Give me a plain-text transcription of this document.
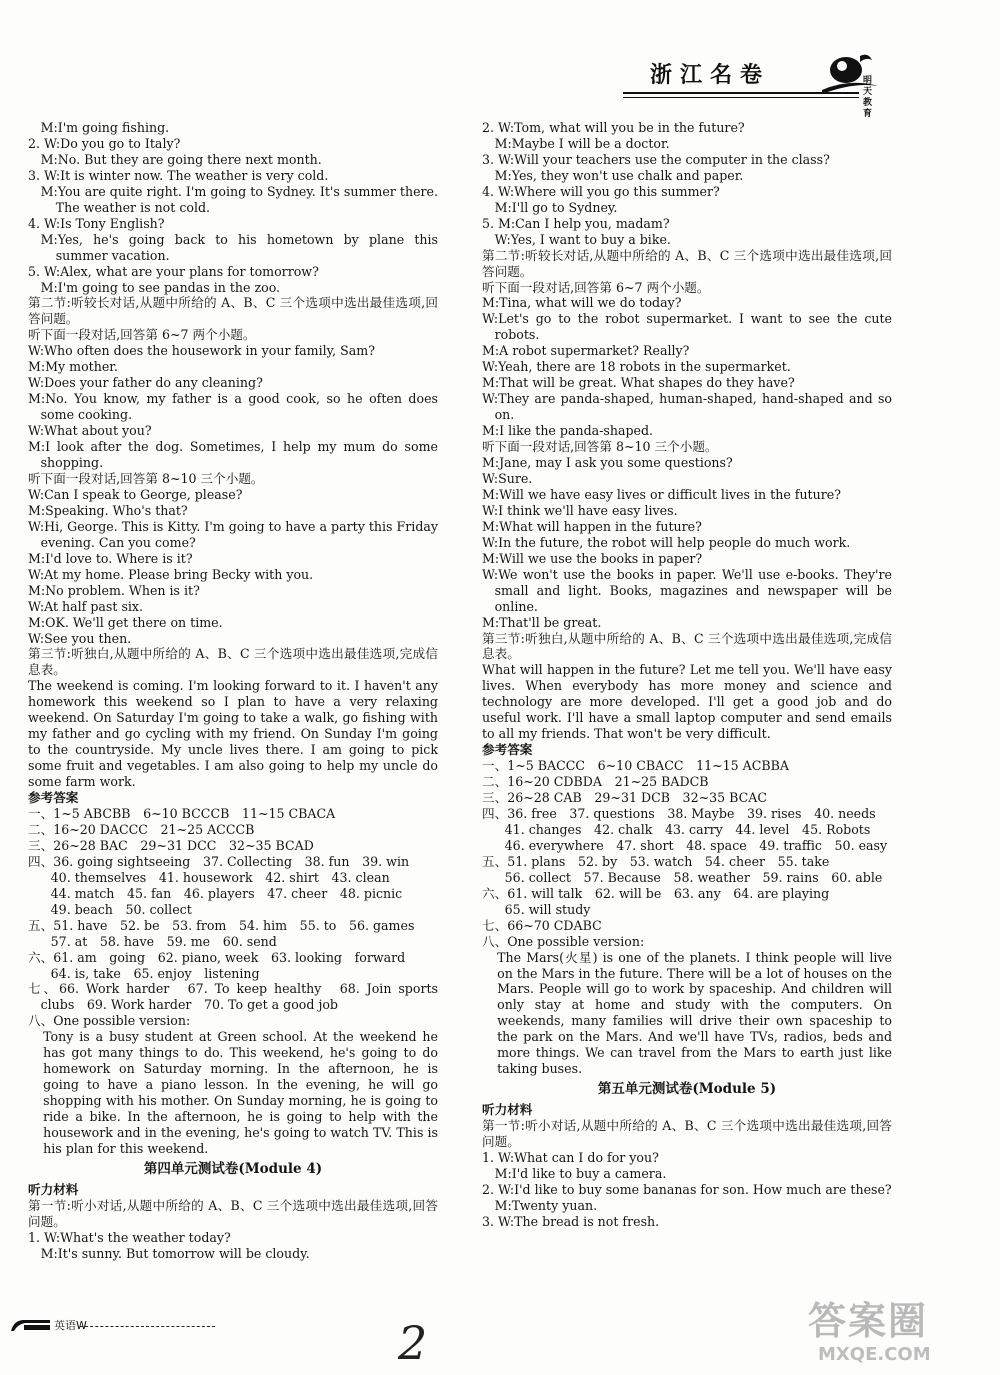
浙江名卷	明天教育

M:I'm going fishing.

2. W:Do you go to Italy?

M:No. But they are going there next month.

3. W:It is winter now. The weather is very cold.

M:You are quite right. I'm going to Sydney. It's summer there. The weather is not cold.

4. W:Is Tony English?

M:Yes, he's going back to his hometown by plane this summer vacation.

5. W:Alex, what are your plans for tomorrow?

M:I'm going to see pandas in the zoo.

第二节:听较长对话,从题中所给的 A、B、C 三个选项中选出最佳选项,回答问题。

听下面一段对话,回答第 6~7 两个小题。

W:Who often does the housework in your family, Sam?

M:My mother.

W:Does your father do any cleaning?

M:No. You know, my father is a good cook, so he often does some cooking.

W:What about you?

M:I look after the dog. Sometimes, I help my mum do some shopping.

听下面一段对话,回答第 8~10 三个小题。

W:Can I speak to George, please?

M:Speaking. Who's that?

W:Hi, George. This is Kitty. I'm going to have a party this Friday evening. Can you come?

M:I'd love to. Where is it?

W:At my home. Please bring Becky with you.

M:No problem. When is it?

W:At half past six.

M:OK. We'll get there on time.

W:See you then.

第三节:听独白,从题中所给的 A、B、C 三个选项中选出最佳选项,完成信息表。

The weekend is coming. I'm looking forward to it. I haven't any homework this weekend so I plan to have a very relaxing weekend. On Saturday I'm going to take a walk, go fishing with my father and go cycling with my friend. On Sunday I'm going to the countryside. My uncle lives there. I am going to pick some fruit and vegetables. I am also going to help my uncle do some farm work.

参考答案

一、1~5 ABCBB　6~10 BCCCB　11~15 CBACA

二、16~20 DACCC　21~25 ACCCB

三、26~28 BAC　29~31 DCC　32~35 BCAD

四、36. going sightseeing　37. Collecting　38. fun　39. win

40. themselves　41. housework　42. shirt　43. clean

44. match　45. fan　46. players　47. cheer　48. picnic

49. beach　50. collect

五、51. have　52. be　53. from　54. him　55. to　56. games

57. at　58. have　59. me　60. send

六、61. am　going　62. piano, week　63. looking　forward

64. is, take　65. enjoy　listening

七、66. Work harder　67. To keep healthy　68. Join sports clubs　69. Work harder　70. To get a good job

八、One possible version:

Tony is a busy student at Green school. At the weekend he has got many things to do. This weekend, he's going to do homework on Saturday morning. In the afternoon, he is going to have a piano lesson. In the evening, he will go shopping with his mother. On Sunday morning, he is going to ride a bike. In the afternoon, he is going to help with the housework and in the evening, he's going to watch TV. This is his plan for this weekend.

第四单元测试卷(Module 4)

听力材料

第一节:听小对话,从题中所给的 A、B、C 三个选项中选出最佳选项,回答问题。

1. W:What's the weather today?

M:It's sunny. But tomorrow will be cloudy.

2. W:Tom, what will you be in the future?

M:Maybe I will be a doctor.

3. W:Will your teachers use the computer in the class?

M:Yes, they won't use chalk and paper.

4. W:Where will you go this summer?

M:I'll go to Sydney.

5. M:Can I help you, madam?

W:Yes, I want to buy a bike.

第二节:听较长对话,从题中所给的 A、B、C 三个选项中选出最佳选项,回答问题。

听下面一段对话,回答第 6~7 两个小题。

M:Tina, what will we do today?

W:Let's go to the robot supermarket. I want to see the cute robots.

M:A robot supermarket? Really?

W:Yeah, there are 18 robots in the supermarket.

M:That will be great. What shapes do they have?

W:They are panda-shaped, human-shaped, hand-shaped and so on.

M:I like the panda-shaped.

听下面一段对话,回答第 8~10 三个小题。

M:Jane, may I ask you some questions?

W:Sure.

M:Will we have easy lives or difficult lives in the future?

W:I think we'll have easy lives.

M:What will happen in the future?

W:In the future, the robot will help people do much work.

M:Will we use the books in paper?

W:We won't use the books in paper. We'll use e-books. They're small and light. Books, magazines and newspaper will be online.

M:That'll be great.

第三节:听独白,从题中所给的 A、B、C 三个选项中选出最佳选项,完成信息表。

What will happen in the future? Let me tell you. We'll have easy lives. When everybody has more money and science and technology are more developed. I'll get a good job and do useful work. I'll have a small laptop computer and send emails to all my friends. That won't be very difficult.

参考答案

一、1~5 BACCC　6~10 CBACC　11~15 ACBBA

二、16~20 CDBDA　21~25 BADCB

三、26~28 CAB　29~31 DCB　32~35 BCAC

四、36. free　37. questions　38. Maybe　39. rises　40. needs

41. changes　42. chalk　43. carry　44. level　45. Robots

46. everywhere　47. short　48. space　49. traffic　50. easy

五、51. plans　52. by　53. watch　54. cheer　55. take

56. collect　57. Because　58. weather　59. rains　60. able

六、61. will talk　62. will be　63. any　64. are playing

65. will study

七、66~70 CDABC

八、One possible version:

The Mars(火星) is one of the planets. I think people will live on the Mars in the future. There will be a lot of houses on the Mars. People will go to work by spaceship. And children will only stay at home and study with the computers. On weekends, many families will drive their own spaceship to the park on the Mars. And we'll have TVs, radios, beds and more things. We can travel from the Mars to earth just like taking buses.

第五单元测试卷(Module 5)

听力材料

第一节:听小对话,从题中所给的 A、B、C 三个选项中选出最佳选项,回答问题。

1. W:What can I do for you?

M:I'd like to buy a camera.

2. W:I'd like to buy some bananas for son. How much are these?

M:Twenty yuan.

3. W:The bread is not fresh.

英语W	2	答案圈
MXQE.COM
